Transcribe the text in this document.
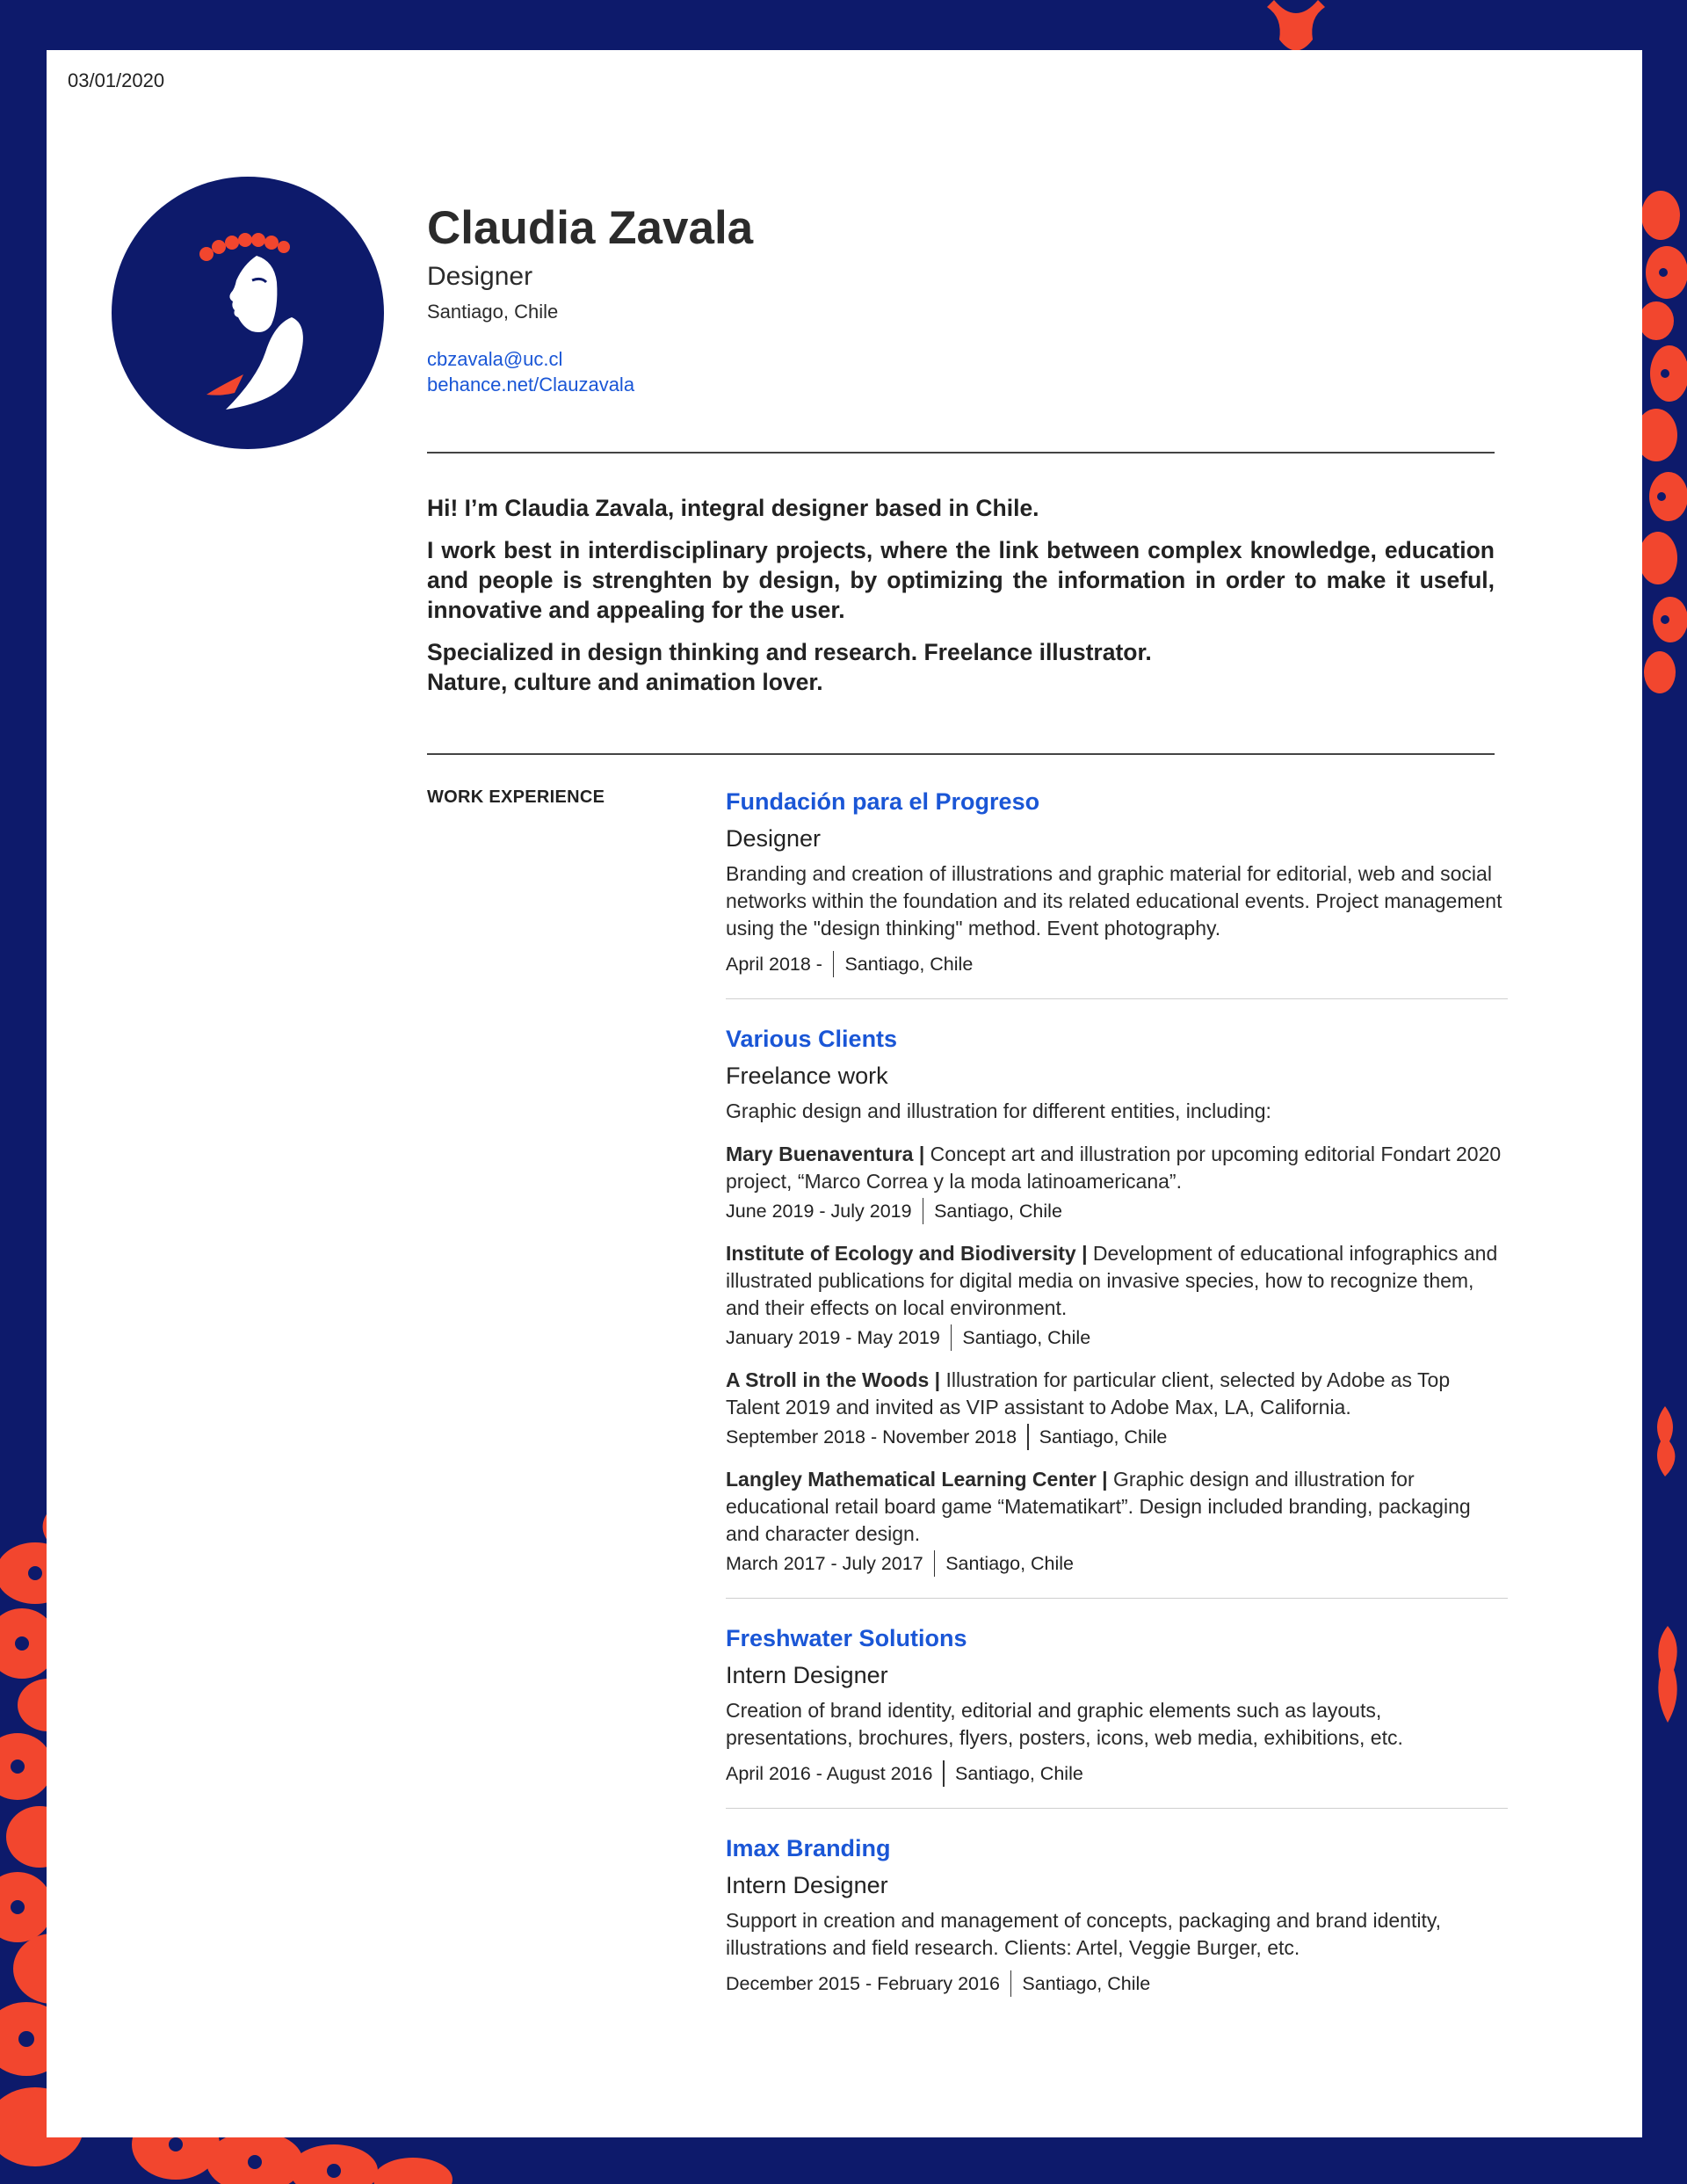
03/01/2020
Claudia Zavala
Designer
Santiago, Chile
cbzavala@uc.cl
behance.net/Clauzavala

Hi! I’m Claudia Zavala, integral designer based in Chile.

I work best in interdisciplinary projects, where the link between complex knowledge, education and people is strenghten by design, by optimizing the information in order to make it useful, innovative and appealing for the user.

Specialized in design thinking and research. Freelance illustrator.
Nature, culture and animation lover.

WORK EXPERIENCE	Fundación para el Progreso
Designer
Branding and creation of illustrations and graphic material for editorial, web and social networks within the foundation and its related educational events. Project management using the "design thinking" method. Event photography.
April 2018 - Santiago, Chile
Various Clients
Freelance work
Graphic design and illustration for different entities, including:
Mary Buenaventura | Concept art and illustration por upcoming editorial Fondart 2020 project, “Marco Correa y la moda latinoamericana”.
June 2019 - July 2019 Santiago, Chile
Institute of Ecology and Biodiversity | Development of educational infographics and illustrated publications for digital media on invasive species, how to recognize them, and their effects on local environment.
January 2019 - May 2019 Santiago, Chile
A Stroll in the Woods | Illustration for particular client, selected by Adobe as Top Talent 2019 and invited as VIP assistant to Adobe Max, LA, California.
September 2018 - November 2018 Santiago, Chile
Langley Mathematical Learning Center | Graphic design and illustration for educational retail board game “Matematikart”. Design included branding, packaging and character design.
March 2017 - July 2017 Santiago, Chile
Freshwater Solutions
Intern Designer
Creation of brand identity, editorial and graphic elements such as layouts, presentations, brochures, flyers, posters, icons, web media, exhibitions, etc.
April 2016 - August 2016 Santiago, Chile
Imax Branding
Intern Designer
Support in creation and management of concepts, packaging and brand identity, illustrations and field research. Clients: Artel, Veggie Burger, etc.
December 2015 - February 2016 Santiago, Chile
